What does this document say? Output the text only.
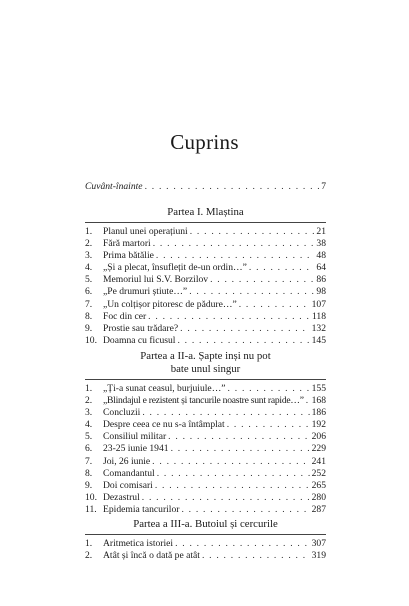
Cuprins
Cuvânt-înainte . . .	7
Partea I. Mlaștina
1.	Planul unei operațiuni . . .	21
2.	Fără martori . . .	38
3.	Prima bătălie . . .	48
4.	„Și a plecat, însuflețit de-un ordin…” . . .	64
5.	Memoriul lui S.V. Borzilov . . .	86
6.	„Pe drumuri știute…” . . .	98
7.	„Un colțișor pitoresc de pădure…” . . .	107
8.	Foc din cer . . .	118
9.	Prostie sau trădare? . . .	132
10. Doamna cu ficusul . . .	145
Partea a II-a. Șapte inși nu pot
bate unul singur
1.	„Ți-a sunat ceasul, burjuiule…” . . .	155
2.	„Blindajul e rezistent și tancurile noastre sunt rapide…” . . . 168
3.	Concluzii . . .	186
4.	Despre ceea ce nu s-a întâmplat . . .	192
5.	Consiliul militar . . .	206
6.	23-25 iunie 1941 . . .	229
7.	Joi, 26 iunie . . .	241
8.	Comandantul . . .	252
9.	Doi comisari . . .	265
10. Dezastrul . . .	280
11. Epidemia tancurilor . . .	287
Partea a III-a. Butoiul și cercurile
1.	Aritmetica istoriei . . .	307
2.	Atât și încă o dată pe atât . . .	319
